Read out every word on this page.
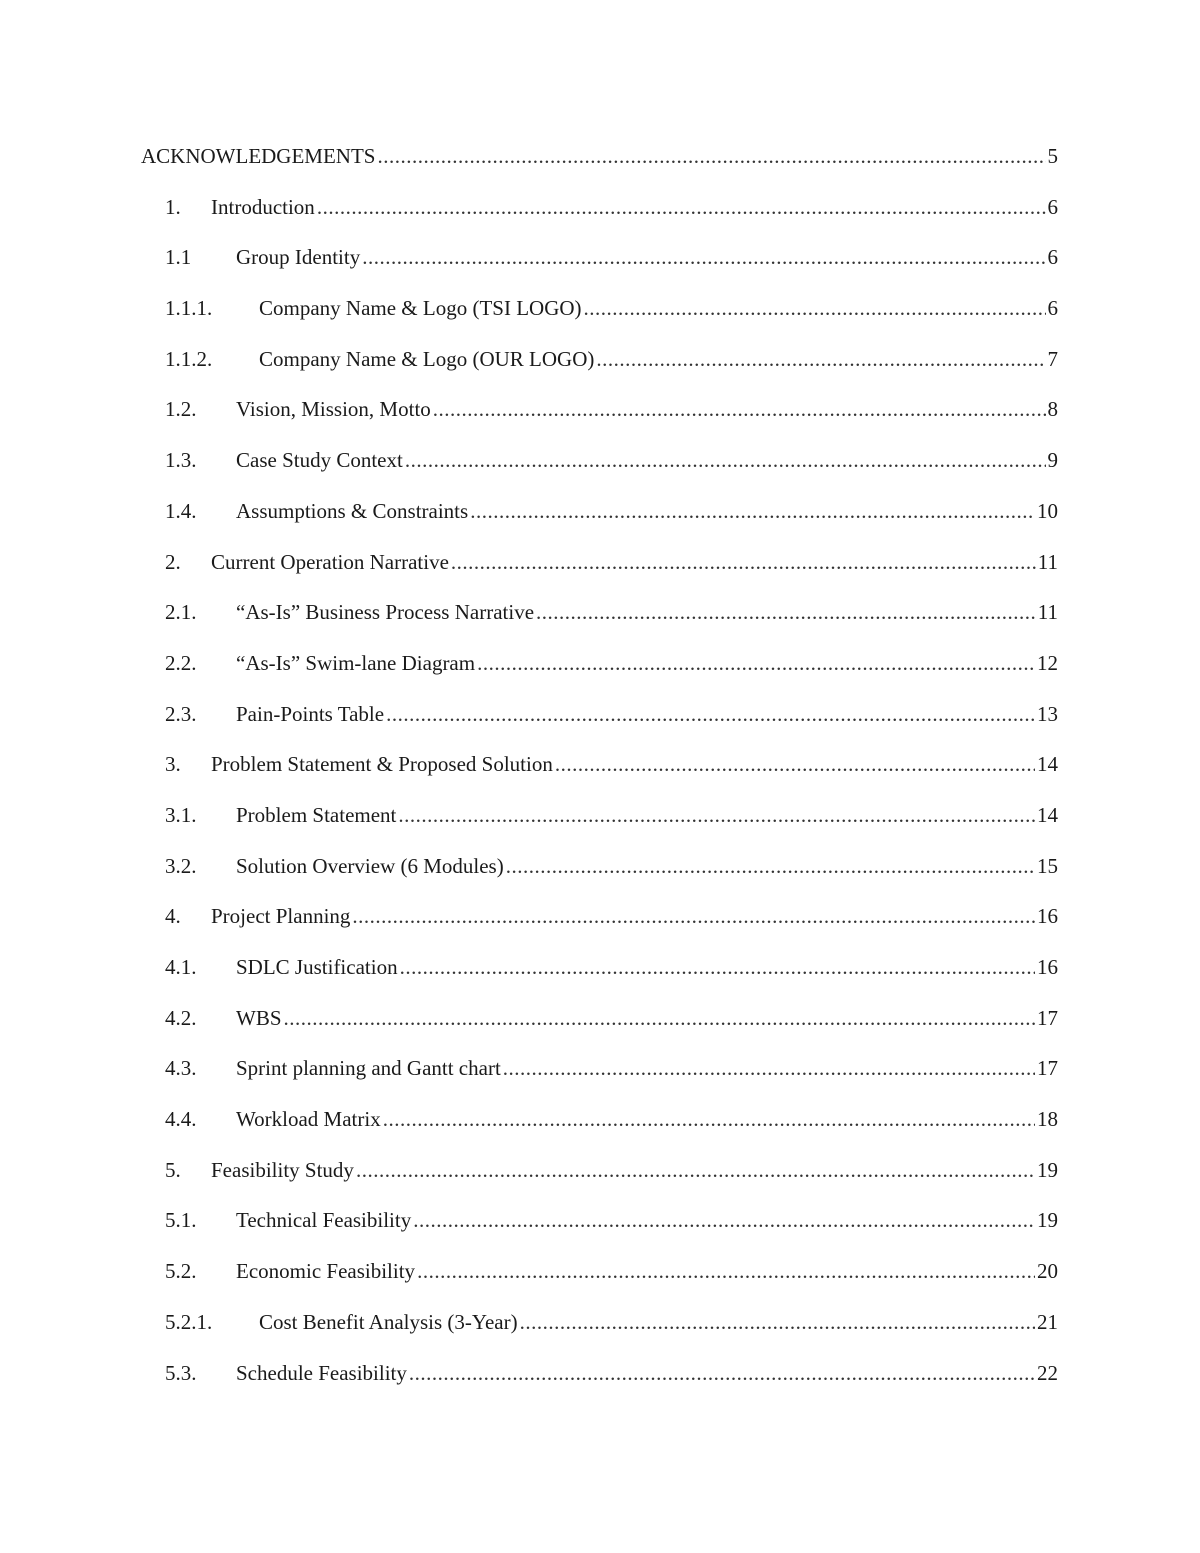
ACKNOWLEDGEMENTS .....	5
1.	Introduction .....	6
1.1	Group Identity .....	6
1.1.1.	Company Name & Logo (TSI LOGO) .....	6
1.1.2.	Company Name & Logo (OUR LOGO) .....	7
1.2.	Vision, Mission, Motto .....	8
1.3.	Case Study Context .....	9
1.4.	Assumptions & Constraints .....	10
2.	Current Operation Narrative .....	11
2.1.	“As-Is” Business Process Narrative .....	11
2.2.	“As-Is” Swim-lane Diagram .....	12
2.3.	Pain-Points Table .....	13
3.	Problem Statement & Proposed Solution .....	14
3.1.	Problem Statement .....	14
3.2.	Solution Overview (6 Modules) .....	15
4.	Project Planning .....	16
4.1.	SDLC Justification .....	16
4.2.	WBS .....	17
4.3.	Sprint planning and Gantt chart .....	17
4.4.	Workload Matrix .....	18
5.	Feasibility Study .....	19
5.1.	Technical Feasibility .....	19
5.2.	Economic Feasibility .....	20
5.2.1.	Cost Benefit Analysis (3-Year) .....	21
5.3.	Schedule Feasibility .....	22
